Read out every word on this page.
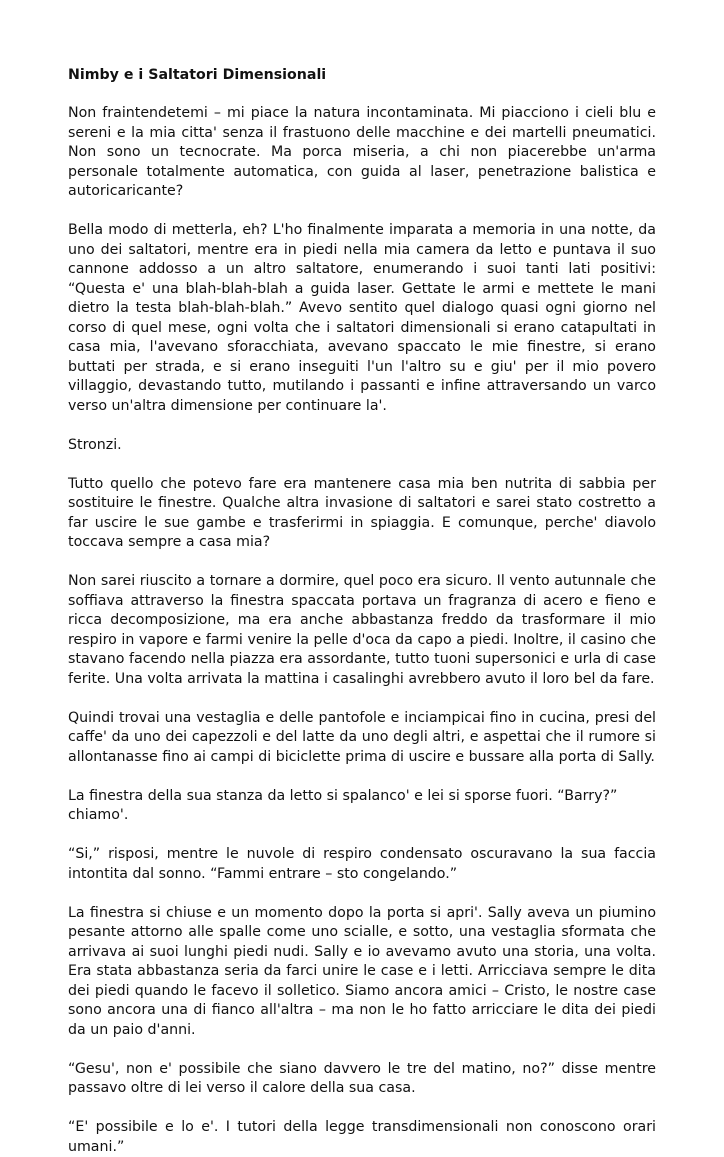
Nimby e i Saltatori Dimensionali

Non fraintendetemi – mi piace la natura incontaminata. Mi piacciono i cieli blu e sereni e la mia citta' senza il frastuono delle macchine e dei martelli pneumatici. Non sono un tecnocrate. Ma porca miseria, a chi non piacerebbe un'arma personale totalmente automatica, con guida al laser, penetrazione balistica e autoricaricante?

Bella modo di metterla, eh? L'ho finalmente imparata a memoria in una notte, da uno dei saltatori, mentre era in piedi nella mia camera da letto e puntava il suo cannone addosso a un altro saltatore, enumerando i suoi tanti lati positivi: “Questa e' una blah-blah-blah a guida laser. Gettate le armi e mettete le mani dietro la testa blah-blah-blah.” Avevo sentito quel dialogo quasi ogni giorno nel corso di quel mese, ogni volta che i saltatori dimensionali si erano catapultati in casa mia, l'avevano sforacchiata, avevano spaccato le mie finestre, si erano buttati per strada, e si erano inseguiti l'un l'altro su e giu' per il mio povero villaggio, devastando tutto, mutilando i passanti e infine attraversando un varco verso un'altra dimensione per continuare la'.

Stronzi.

Tutto quello che potevo fare era mantenere casa mia ben nutrita di sabbia per sostituire le finestre. Qualche altra invasione di saltatori e sarei stato costretto a far uscire le sue gambe e trasferirmi in spiaggia. E comunque, perche' diavolo toccava sempre a casa mia?

Non sarei riuscito a tornare a dormire, quel poco era sicuro. Il vento autunnale che soffiava attraverso la finestra spaccata portava un fragranza di acero e fieno e ricca decomposizione, ma era anche abbastanza freddo da trasformare il mio respiro in vapore e farmi venire la pelle d'oca da capo a piedi. Inoltre, il casino che stavano facendo nella piazza era assordante, tutto tuoni supersonici e urla di case ferite. Una volta arrivata la mattina i casalinghi avrebbero avuto il loro bel da fare.

Quindi trovai una vestaglia e delle pantofole e inciampicai fino in cucina, presi del caffe' da uno dei capezzoli e del latte da uno degli altri, e aspettai che il rumore si allontanasse fino ai campi di biciclette prima di uscire e bussare alla porta di Sally.

La finestra della sua stanza da letto si spalanco' e lei si sporse fuori. “Barry?” chiamo'.

“Si,” risposi, mentre le nuvole di respiro condensato oscuravano la sua faccia intontita dal sonno. “Fammi entrare – sto congelando.”

La finestra si chiuse e un momento dopo la porta si apri'. Sally aveva un piumino pesante attorno alle spalle come uno scialle, e sotto, una vestaglia sformata che arrivava ai suoi lunghi piedi nudi. Sally e io avevamo avuto una storia, una volta. Era stata abbastanza seria da farci unire le case e i letti. Arricciava sempre le dita dei piedi quando le facevo il solletico. Siamo ancora amici – Cristo, le nostre case sono ancora una di fianco all'altra – ma non le ho fatto arricciare le dita dei piedi da un paio d'anni.

“Gesu', non e' possibile che siano davvero le tre del matino, no?” disse mentre passavo oltre di lei verso il calore della sua casa.

“E' possibile e lo e'. I tutori della legge transdimensionali non conoscono orari umani.”
